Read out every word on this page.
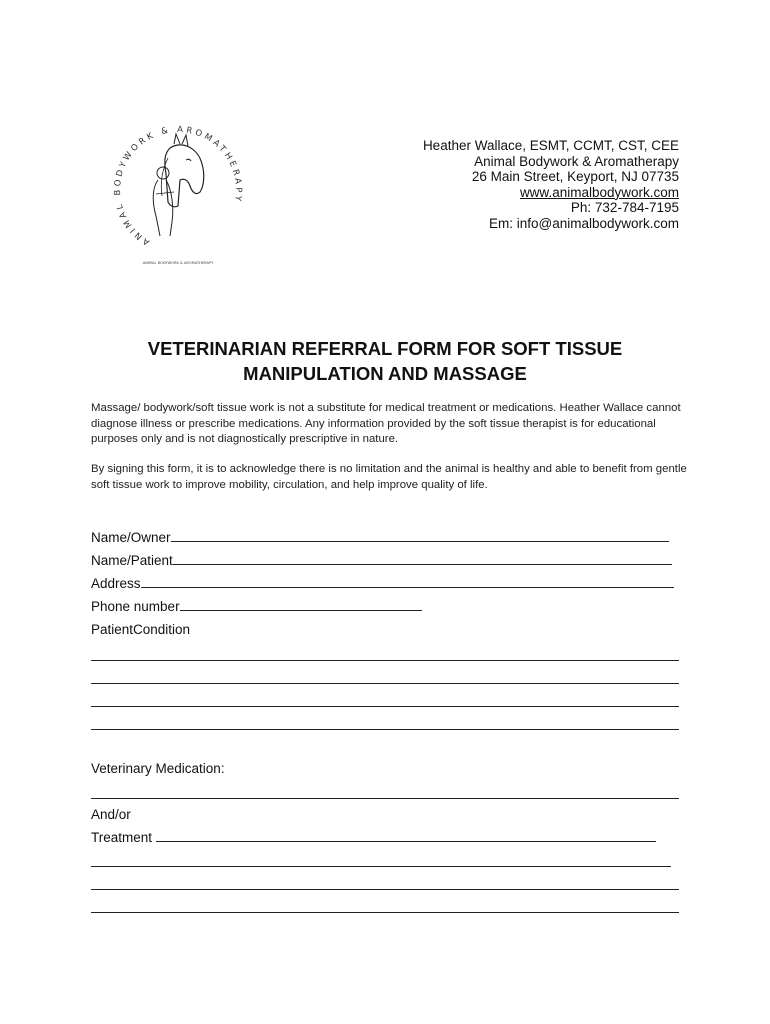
ANIMAL BODYWORK & AROMATHERAPY
ANIMAL BODYWORK & AROMATHERAPY
Heather Wallace, ESMT, CCMT, CST, CEE
Animal Bodywork & Aromatherapy
26 Main Street, Keyport, NJ 07735
www.animalbodywork.com
Ph: 732-784-7195
Em: info@animalbodywork.com
VETERINARIAN REFERRAL FORM FOR SOFT TISSUE
MANIPULATION AND MASSAGE
Massage/ bodywork/soft tissue work is not a substitute for medical treatment or medications. Heather Wallace cannot diagnose illness or prescribe medications. Any information provided by the soft tissue therapist is for educational purposes only and is not diagnostically prescriptive in nature.
By signing this form, it is to acknowledge there is no limitation and the animal is healthy and able to benefit from gentle soft tissue work to improve mobility, circulation, and help improve quality of life.
Name/Owner
Name/Patient
Address
Phone number
PatientCondition
Veterinary Medication:
And/or
Treatment
